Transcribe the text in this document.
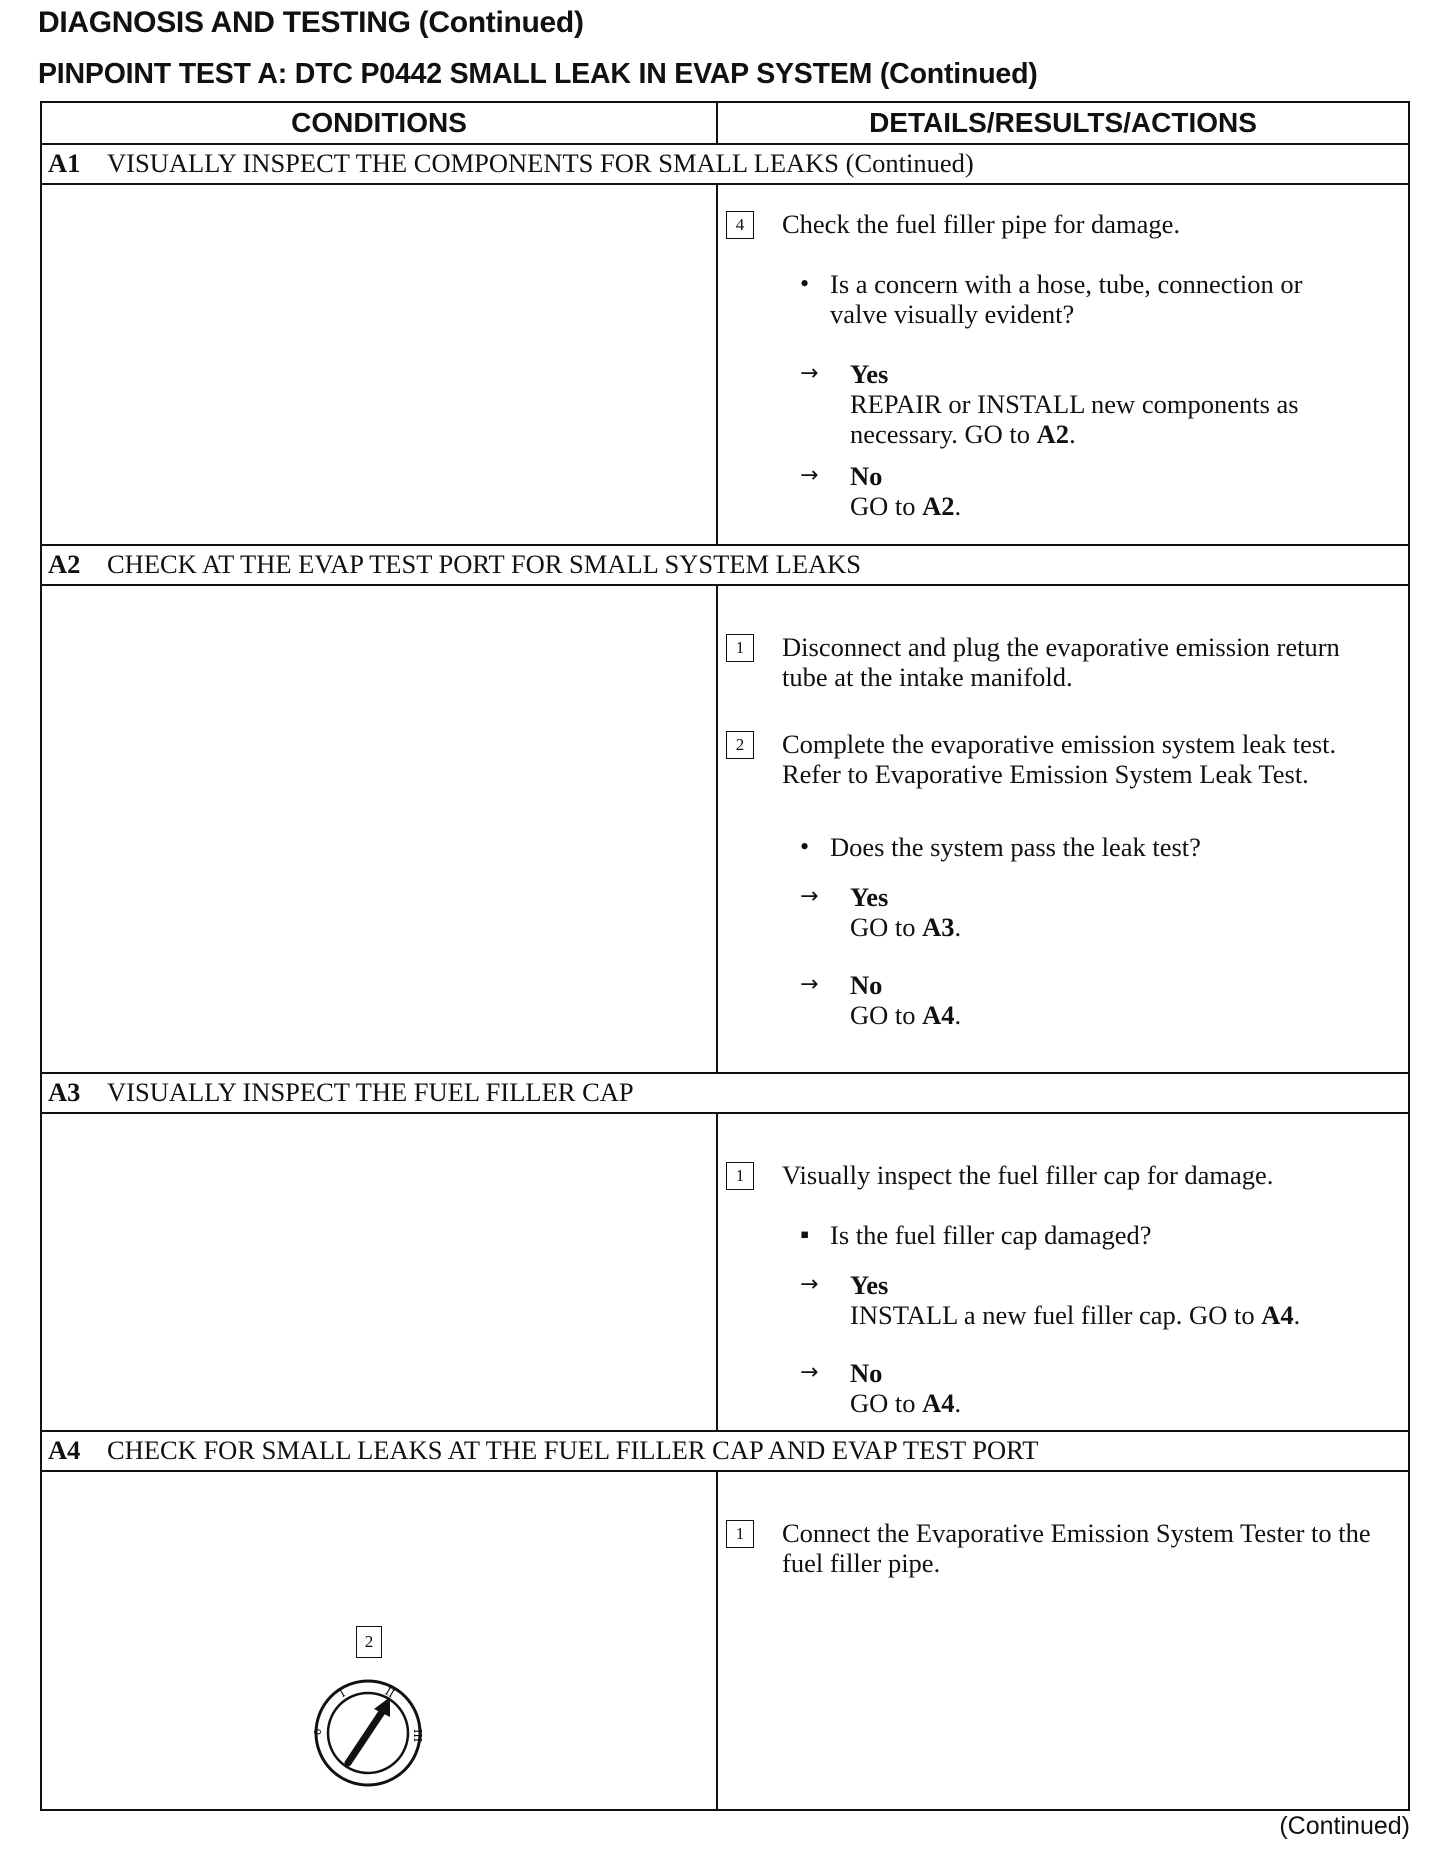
DIAGNOSIS AND TESTING (Continued)
PINPOINT TEST A: DTC P0442 SMALL LEAK IN EVAP SYSTEM (Continued)
CONDITIONS	DETAILS/RESULTS/ACTIONS
A1	VISUALLY INSPECT THE COMPONENTS FOR SMALL LEAKS (Continued)
4	Check the fuel filler pipe for damage.
• Is a concern with a hose, tube, connection or valve visually evident?
→ Yes
REPAIR or INSTALL new components as necessary. GO to A2.
→ No
GO to A2.
A2	CHECK AT THE EVAP TEST PORT FOR SMALL SYSTEM LEAKS
1	Disconnect and plug the evaporative emission return tube at the intake manifold.
2	Complete the evaporative emission system leak test. Refer to Evaporative Emission System Leak Test.
• Does the system pass the leak test?
→ Yes
GO to A3.
→ No
GO to A4.
A3	VISUALLY INSPECT THE FUEL FILLER CAP
1	Visually inspect the fuel filler cap for damage.
▪ Is the fuel filler cap damaged?
→ Yes
INSTALL a new fuel filler cap. GO to A4.
→ No
GO to A4.
A4	CHECK FOR SMALL LEAKS AT THE FUEL FILLER CAP AND EVAP TEST PORT
1	Connect the Evaporative Emission System Tester to the fuel filler pipe.
2
0
I	II
III
(Continued)
